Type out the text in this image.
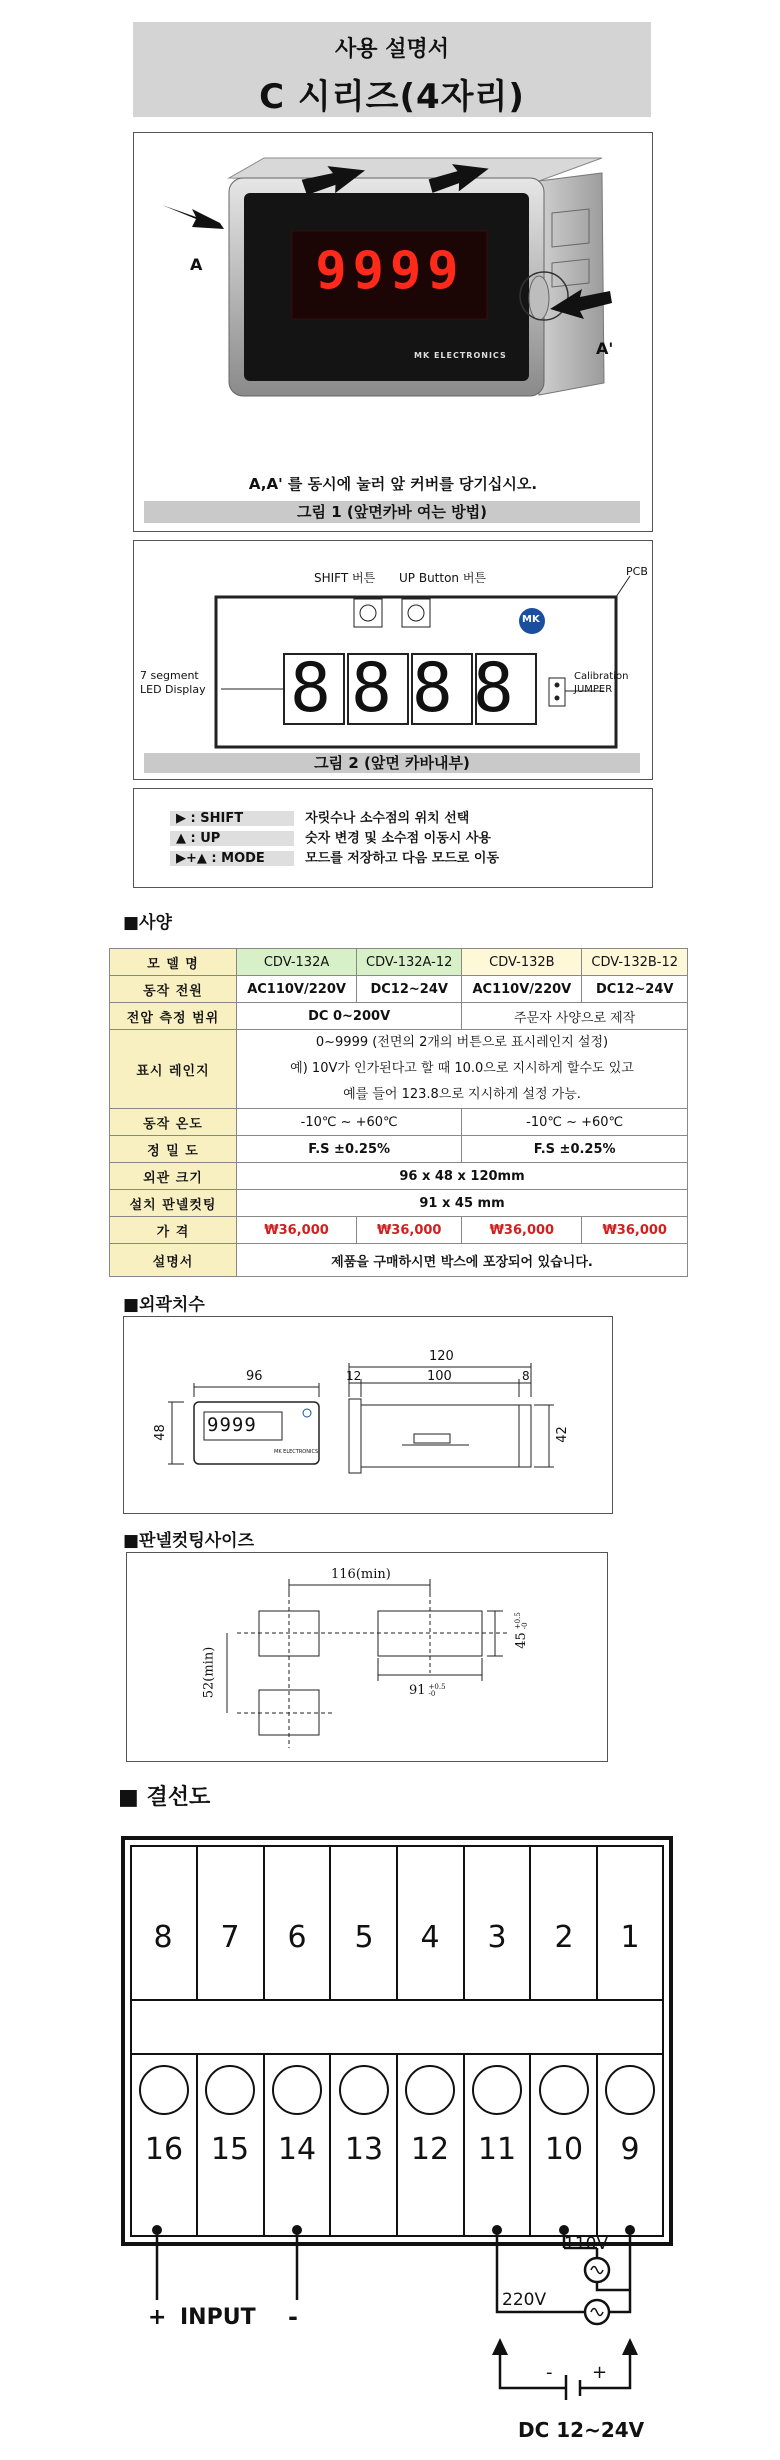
사용 설명서
C 시리즈(4자리)
9999
MK ELECTRONICS
A
A'
A,A' 를 동시에 눌러 앞 커버를 당기십시오.
그림 1 (앞면카바 여는 방법)
SHIFT 버튼 UP Button 버튼	PCB
MK
7 segment
LED Display
Calibration
JUMPER
8888
그림 2 (앞면 카바내부)
▶ : SHIFT	자릿수나 소수점의 위치 선택
▲ : UP	숫자 변경 및 소수점 이동시 사용
▶+▲ : MODE	모드를 저장하고 다음 모드로 이동
■사양
모 델 명	CDV-132A	CDV-132A-12	CDV-132B	CDV-132B-12
동작 전원	AC110V/220V	DC12~24V	AC110V/220V	DC12~24V
전압 측정 범위	DC 0~200V		주문자 사양으로 제작	
표시 레인지	0~9999 (전면의 2개의 버튼으로 표시레인지 설정)
예) 10V가 인가된다고 할 때 10.0으로 지시하게 할수도 있고
예를 들어 123.8으로 지시하게 설정 가능.			

동작 온도	-10℃ ~ +60℃		-10℃ ~ +60℃	
정 밀 도	F.S ±0.25%		F.S ±0.25%	
외관 크기	96 x 48 x 120mm			
설치 판넬컷팅	91 x 45 mm			
가 격	₩36,000	₩36,000	₩36,000	₩36,000
설명서	제품을 구매하시면 박스에 포장되어 있습니다.			
■외곽치수
96
48
120
12	100	8
42
9999
MK ELECTRONICS
■판넬컷팅사이즈
116(min)
52(min)	91 +0.5
-0
45
+0.5
-0
■ 결선도
8 7 6 5 4 3 2 1
16 15 14 13 12 11 10	9
110V
220V
+ INPUT -
- +
DC 12~24V
